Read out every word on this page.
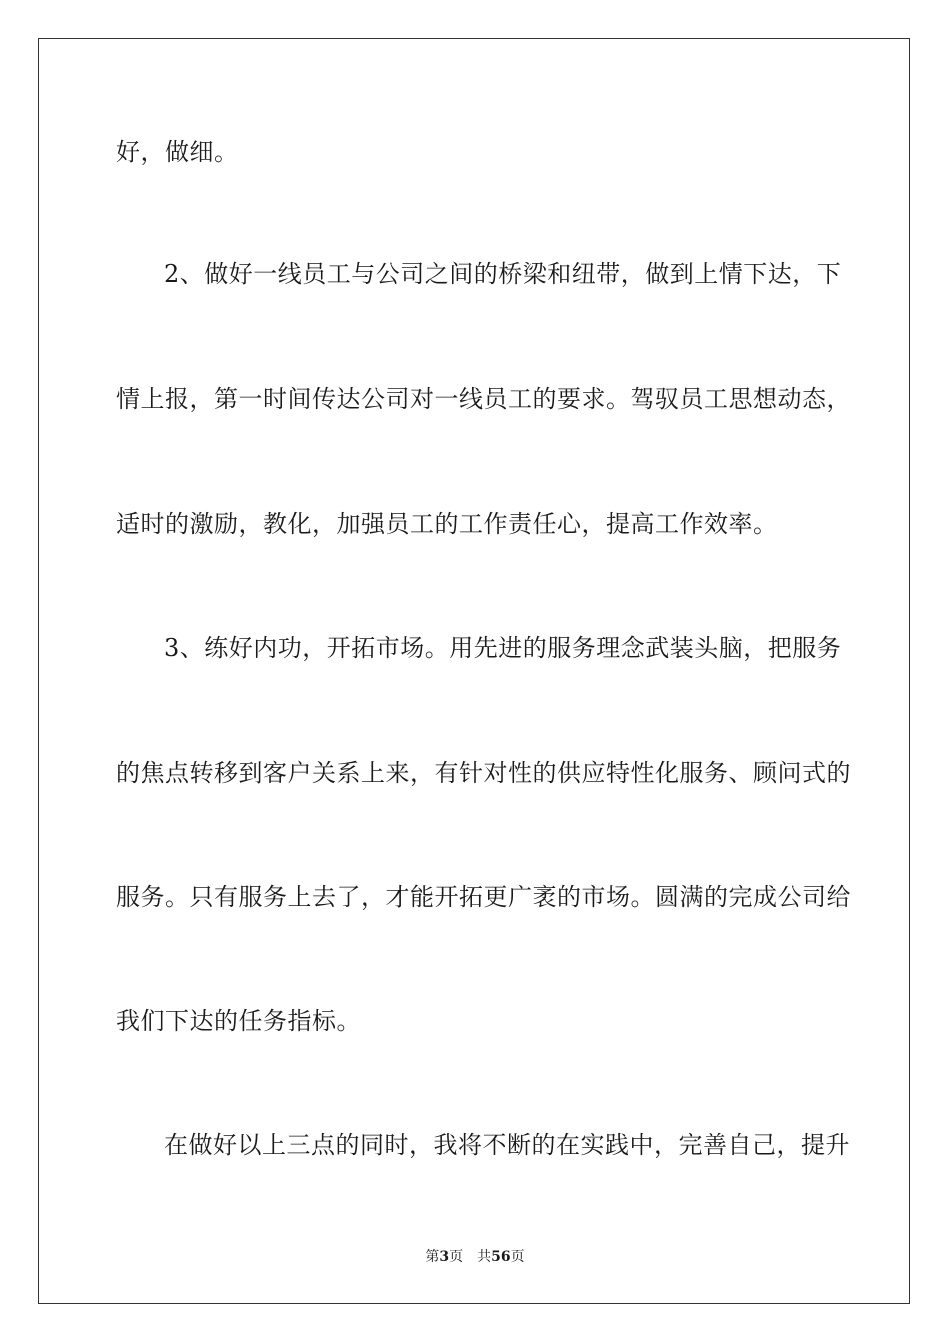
好，做细。
2、做好一线员工与公司之间的桥梁和纽带，做到上情下达，下
情上报，第一时间传达公司对一线员工的要求。驾驭员工思想动态，
适时的激励，教化，加强员工的工作责任心，提高工作效率。
3、练好内功，开拓市场。用先进的服务理念武装头脑，把服务
的焦点转移到客户关系上来，有针对性的供应特性化服务、顾问式的
服务。只有服务上去了，才能开拓更广袤的市场。圆满的完成公司给
我们下达的任务指标。
在做好以上三点的同时，我将不断的在实践中，完善自己，提升
第3页 共56页
